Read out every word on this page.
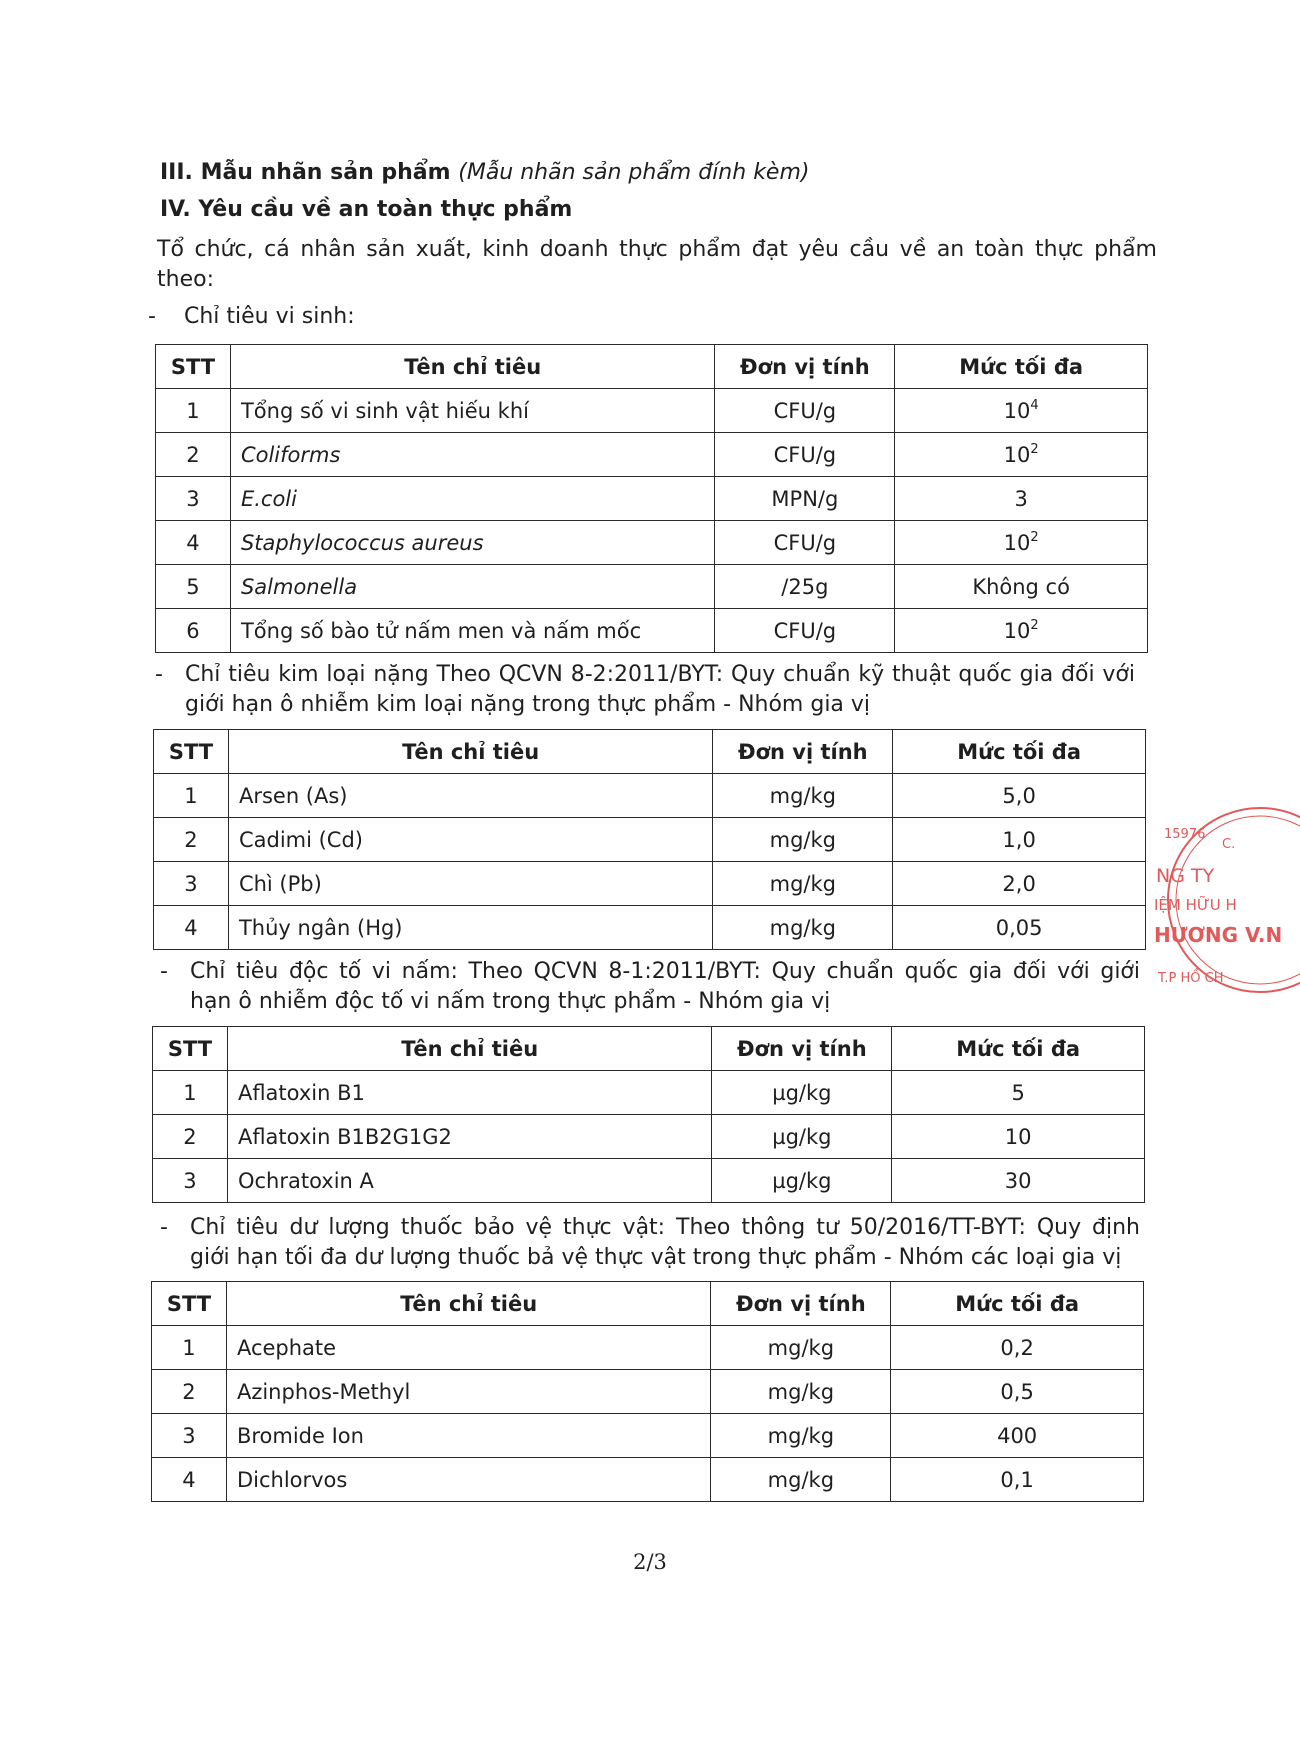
III. Mẫu nhãn sản phẩm (Mẫu nhãn sản phẩm đính kèm)
IV. Yêu cầu về an toàn thực phẩm
Tổ chức, cá nhân sản xuất, kinh doanh thực phẩm đạt yêu cầu về an toàn thực phẩm
theo:
- Chỉ tiêu vi sinh:
STT	Tên chỉ tiêu	Đơn vị tính	Mức tối đa
1	Tổng số vi sinh vật hiếu khí	CFU/g	$10^4$
2	Coliforms	CFU/g	$10^2$
3	E.coli	MPN/g	3
4	Staphylococcus aureus	CFU/g	$10^2$
5	Salmonella	/25g	Không có
6	Tổng số bào tử nấm men và nấm mốc	CFU/g	$10^2$
- Chỉ tiêu kim loại nặng Theo QCVN 8-2:2011/BYT: Quy chuẩn kỹ thuật quốc gia đối với
giới hạn ô nhiễm kim loại nặng trong thực phẩm - Nhóm gia vị
STT	Tên chỉ tiêu	Đơn vị tính	Mức tối đa
1	Arsen (As)	mg/kg	5,0
2	Cadimi (Cd)	mg/kg	1,0
3	Chì (Pb)	mg/kg	2,0
4	Thủy ngân (Hg)	mg/kg	0,05
- Chỉ tiêu độc tố vi nấm: Theo QCVN 8-1:2011/BYT: Quy chuẩn quốc gia đối với giới
hạn ô nhiễm độc tố vi nấm trong thực phẩm - Nhóm gia vị
STT	Tên chỉ tiêu	Đơn vị tính	Mức tối đa
1	Aflatoxin B1	µg/kg	5
2	Aflatoxin B1B2G1G2	µg/kg	10
3	Ochratoxin A	µg/kg	30
- Chỉ tiêu dư lượng thuốc bảo vệ thực vật: Theo thông tư 50/2016/TT-BYT: Quy định
giới hạn tối đa dư lượng thuốc bả vệ thực vật trong thực phẩm - Nhóm các loại gia vị
STT	Tên chỉ tiêu	Đơn vị tính	Mức tối đa
1	Acephate	mg/kg	0,2
2	Azinphos-Methyl	mg/kg	0,5
3	Bromide Ion	mg/kg	400
4	Dichlorvos	mg/kg	0,1
15976
C.
NG TY
IỆM HỮU H
HƯƠNG V.N
T.P HỒ CH
2/3
